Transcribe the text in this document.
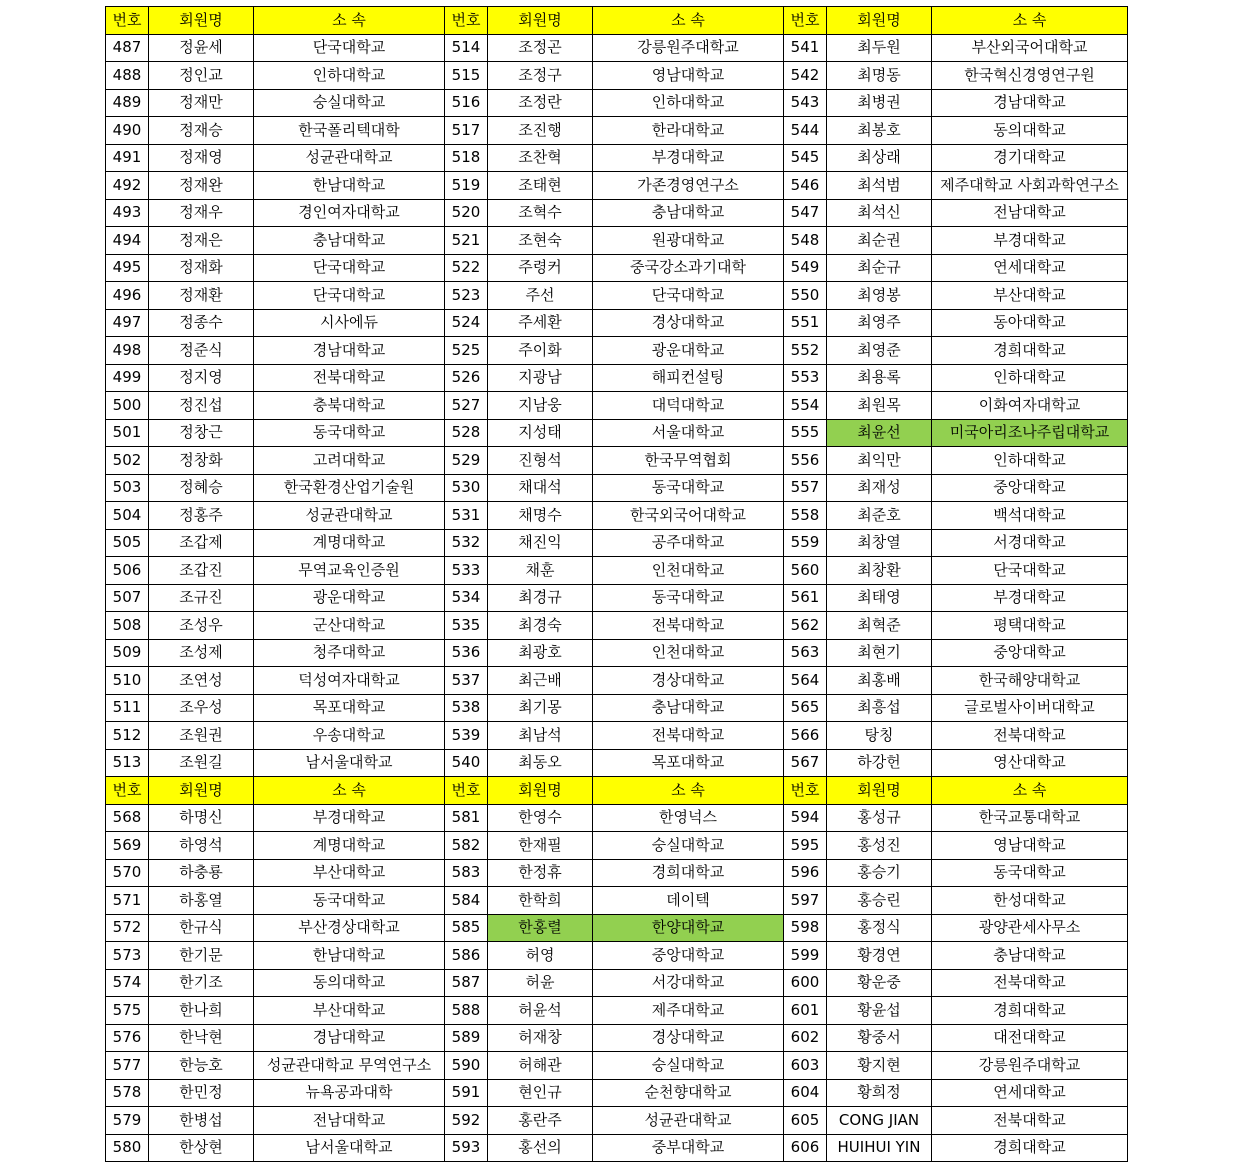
번호	회원명	소 속	번호	회원명	소 속	번호	회원명	소 속
487	정윤세	단국대학교	514	조정곤	강릉원주대학교	541	최두원	부산외국어대학교
488	정인교	인하대학교	515	조정구	영남대학교	542	최명동	한국혁신경영연구원
489	정재만	숭실대학교	516	조정란	인하대학교	543	최병권	경남대학교
490	정재승	한국폴리텍대학	517	조진행	한라대학교	544	최봉호	동의대학교
491	정재영	성균관대학교	518	조찬혁	부경대학교	545	최상래	경기대학교
492	정재완	한남대학교	519	조태현	가존경영연구소	546	최석범	제주대학교 사회과학연구소
493	정재우	경인여자대학교	520	조혁수	충남대학교	547	최석신	전남대학교
494	정재은	충남대학교	521	조현숙	원광대학교	548	최순권	부경대학교
495	정재화	단국대학교	522	주령커	중국강소과기대학	549	최순규	연세대학교
496	정재환	단국대학교	523	주선	단국대학교	550	최영봉	부산대학교
497	정종수	시사에듀	524	주세환	경상대학교	551	최영주	동아대학교
498	정준식	경남대학교	525	주이화	광운대학교	552	최영준	경희대학교
499	정지영	전북대학교	526	지광남	해피컨설팅	553	최용록	인하대학교
500	정진섭	충북대학교	527	지남웅	대덕대학교	554	최원목	이화여자대학교
501	정창근	동국대학교	528	지성태	서울대학교	555	최윤선	미국아리조나주립대학교
502	정창화	고려대학교	529	진형석	한국무역협회	556	최익만	인하대학교
503	정혜승	한국환경산업기술원	530	채대석	동국대학교	557	최재성	중앙대학교
504	정홍주	성균관대학교	531	채명수	한국외국어대학교	558	최준호	백석대학교
505	조갑제	계명대학교	532	채진익	공주대학교	559	최창열	서경대학교
506	조갑진	무역교육인증원	533	채훈	인천대학교	560	최창환	단국대학교
507	조규진	광운대학교	534	최경규	동국대학교	561	최태영	부경대학교
508	조성우	군산대학교	535	최경숙	전북대학교	562	최혁준	평택대학교
509	조성제	청주대학교	536	최광호	인천대학교	563	최현기	중앙대학교
510	조연성	덕성여자대학교	537	최근배	경상대학교	564	최홍배	한국해양대학교
511	조우성	목포대학교	538	최기몽	충남대학교	565	최흥섭	글로벌사이버대학교
512	조원권	우송대학교	539	최남석	전북대학교	566	탕칭	전북대학교
513	조원길	남서울대학교	540	최동오	목포대학교	567	하강헌	영산대학교
번호	회원명	소 속	번호	회원명	소 속	번호	회원명	소 속
568	하명신	부경대학교	581	한영수	한영넉스	594	홍성규	한국교통대학교
569	하영석	계명대학교	582	한재필	숭실대학교	595	홍성진	영남대학교
570	하충룡	부산대학교	583	한정휴	경희대학교	596	홍승기	동국대학교
571	하홍열	동국대학교	584	한학희	데이텍	597	홍승린	한성대학교
572	한규식	부산경상대학교	585	한홍렬	한양대학교	598	홍정식	광양관세사무소
573	한기문	한남대학교	586	허영	중앙대학교	599	황경연	충남대학교
574	한기조	동의대학교	587	허윤	서강대학교	600	황운중	전북대학교
575	한나희	부산대학교	588	허윤석	제주대학교	601	황윤섭	경희대학교
576	한낙현	경남대학교	589	허재창	경상대학교	602	황중서	대전대학교
577	한능호	성균관대학교 무역연구소	590	허해관	숭실대학교	603	황지현	강릉원주대학교
578	한민정	뉴욕공과대학	591	현인규	순천향대학교	604	황희정	연세대학교
579	한병섭	전남대학교	592	홍란주	성균관대학교	605	CONG JIAN	전북대학교
580	한상현	남서울대학교	593	홍선의	중부대학교	606	HUIHUI YIN	경희대학교
